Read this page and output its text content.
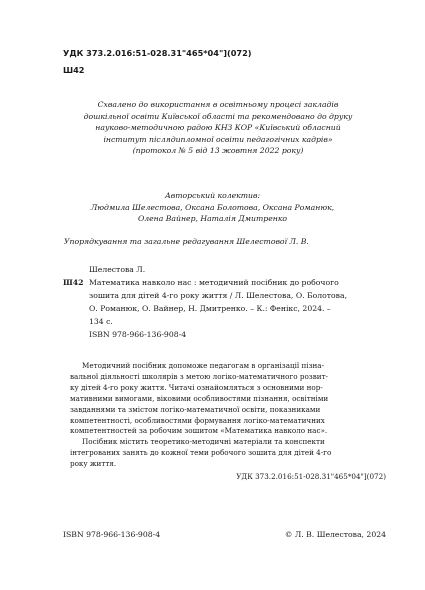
УДК 373.2.016:51-028.31"465*04"](072)
Ш42
Схвалено до використання в освітньому процесі закладів
дошкільної освіти Київської області та рекомендовано до друку
науково-методичною радою КНЗ КОР «Київський обласний
інститут післядипломної освіти педагогічних кадрів»
(протокол № 5 від 13 жовтня 2022 року)
Авторський колектив:
Людмила Шелестова, Оксана Болотова, Оксана Романюк,
Олена Вайнер, Наталія Дмитренко
Упорядкування та загальне редагування Шелестової Л. В.
Шелестова Л.
Ш42 Математика навколо нас : методичний посібник до робочого
зошита для дітей 4-го року життя / Л. Шелестова, О. Болотова,
О. Романюк, О. Вайнер, Н. Дмитренко. – К.: Фенікс, 2024. –
134 с.
ISBN 978-966-136-908-4
Методичний посібник допоможе педагогам в організації пізна-
вальної діяльності школярів з метою логіко-математичного розвит-
ку дітей 4-го року життя. Читачі ознайомляться з основними нор-
мативними вимогами, віковими особливостями пізнання, освітніми
завданнями та змістом логіко-математичної освіти, показниками
компетентності, особливостями формування логіко-математичних
компетентностей за робочим зошитом «Математика навколо нас».
Посібник містить теоретико-методичні матеріали та конспекти
інтегрованих занять до кожної теми робочого зошита для дітей 4-го
року життя.
УДК 373.2.016:51-028.31"465*04"](072)
ISBN 978-966-136-908-4	© Л. В. Шелестова, 2024
